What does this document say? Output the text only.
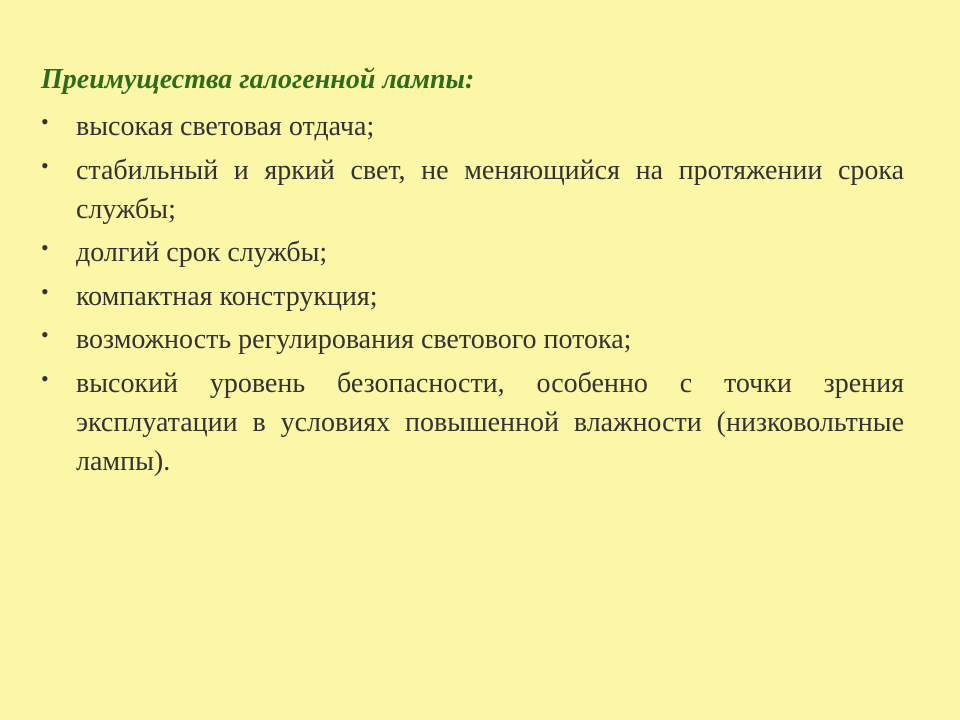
Преимущества галогенной лампы:
• высокая световая отдача;
• стабильный и яркий свет, не меняющийся на протяжении срока службы;
• долгий срок службы;
• компактная конструкция;
• возможность регулирования светового потока;
• высокий уровень безопасности, особенно с точки зрения эксплуатации в условиях повышенной влажности (низковольтные лампы).
